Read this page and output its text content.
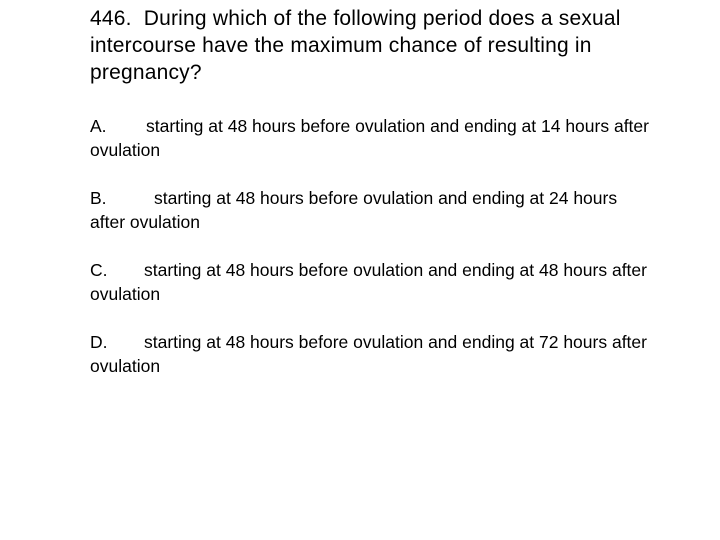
446. During which of the following period does a sexual intercourse have the maximum chance of resulting in pregnancy?
A. starting at 48 hours before ovulation and ending at 14 hours after ovulation
B.	starting at 48 hours before ovulation and ending at 24 hours after ovulation
C. starting at 48 hours before ovulation and ending at 48 hours after ovulation
D. starting at 48 hours before ovulation and ending at 72 hours after ovulation
